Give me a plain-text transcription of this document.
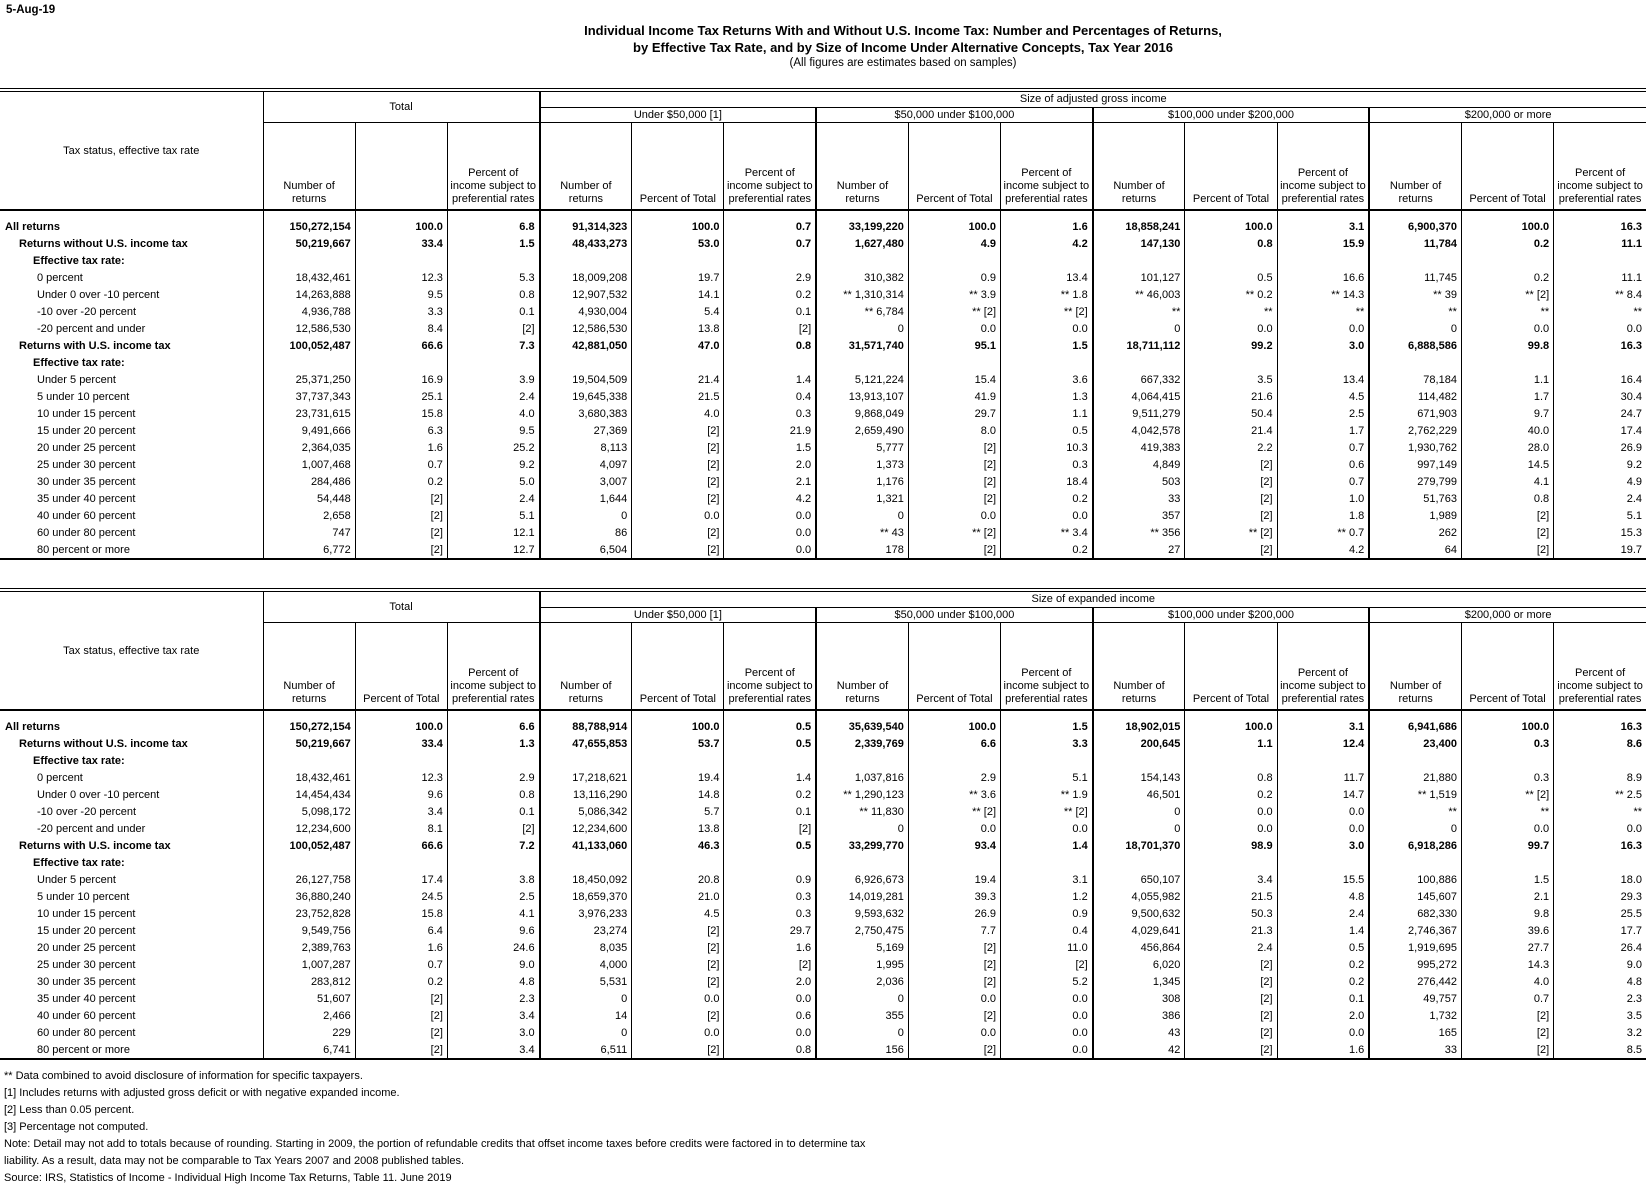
5-Aug-19
Individual Income Tax Returns With and Without U.S. Income Tax: Number and Percentages of Returns,
by Effective Tax Rate, and by Size of Income Under Alternative Concepts, Tax Year 2016
(All figures are estimates based on samples)
Tax status, effective tax rate	Total			Size of adjusted gross income											
				Under $50,000 [1]			$50,000 under $100,000			$100,000 under $200,000			$200,000 or more		
	Number of returns		Percent of income subject to preferential rates	Number of returns	Percent of Total	Percent of income subject to preferential rates	Number of returns	Percent of Total	Percent of income subject to preferential rates	Number of returns	Percent of Total	Percent of income subject to preferential rates	Number of returns	Percent of Total	Percent of income subject to preferential rates

All returns	150,272,154	100.0	6.8	91,314,323	100.0	0.7	33,199,220	100.0	1.6	18,858,241	100.0	3.1	6,900,370	100.0	16.3
Returns without U.S. income tax	50,219,667	33.4	1.5	48,433,273	53.0	0.7	1,627,480	4.9	4.2	147,130	0.8	15.9	11,784	0.2	11.1
Effective tax rate:															
0 percent	18,432,461	12.3	5.3	18,009,208	19.7	2.9	310,382	0.9	13.4	101,127	0.5	16.6	11,745	0.2	11.1
Under 0 over -10 percent	14,263,888	9.5	0.8	12,907,532	14.1	0.2	** 1,310,314	** 3.9	** 1.8	** 46,003	** 0.2	** 14.3	** 39	** [2]	** 8.4
-10 over -20 percent	4,936,788	3.3	0.1	4,930,004	5.4	0.1	** 6,784	** [2]	** [2]	**	**	**	**	**	**
-20 percent and under	12,586,530	8.4	[2]	12,586,530	13.8	[2]	0	0.0	0.0	0	0.0	0.0	0	0.0	0.0
Returns with U.S. income tax	100,052,487	66.6	7.3	42,881,050	47.0	0.8	31,571,740	95.1	1.5	18,711,112	99.2	3.0	6,888,586	99.8	16.3
Effective tax rate:															
Under 5 percent	25,371,250	16.9	3.9	19,504,509	21.4	1.4	5,121,224	15.4	3.6	667,332	3.5	13.4	78,184	1.1	16.4
5 under 10 percent	37,737,343	25.1	2.4	19,645,338	21.5	0.4	13,913,107	41.9	1.3	4,064,415	21.6	4.5	114,482	1.7	30.4
10 under 15 percent	23,731,615	15.8	4.0	3,680,383	4.0	0.3	9,868,049	29.7	1.1	9,511,279	50.4	2.5	671,903	9.7	24.7
15 under 20 percent	9,491,666	6.3	9.5	27,369	[2]	21.9	2,659,490	8.0	0.5	4,042,578	21.4	1.7	2,762,229	40.0	17.4
20 under 25 percent	2,364,035	1.6	25.2	8,113	[2]	1.5	5,777	[2]	10.3	419,383	2.2	0.7	1,930,762	28.0	26.9
25 under 30 percent	1,007,468	0.7	9.2	4,097	[2]	2.0	1,373	[2]	0.3	4,849	[2]	0.6	997,149	14.5	9.2
30 under 35 percent	284,486	0.2	5.0	3,007	[2]	2.1	1,176	[2]	18.4	503	[2]	0.7	279,799	4.1	4.9
35 under 40 percent	54,448	[2]	2.4	1,644	[2]	4.2	1,321	[2]	0.2	33	[2]	1.0	51,763	0.8	2.4
40 under 60 percent	2,658	[2]	5.1	0	0.0	0.0	0	0.0	0.0	357	[2]	1.8	1,989	[2]	5.1
60 under 80 percent	747	[2]	12.1	86	[2]	0.0	** 43	** [2]	** 3.4	** 356	** [2]	** 0.7	262	[2]	15.3
80 percent or more	6,772	[2]	12.7	6,504	[2]	0.0	178	[2]	0.2	27	[2]	4.2	64	[2]	19.7
Tax status, effective tax rate	Total			Size of expanded income											
				Under $50,000 [1]			$50,000 under $100,000			$100,000 under $200,000			$200,000 or more		
	Number of returns	Percent of Total	Percent of income subject to preferential rates	Number of returns	Percent of Total	Percent of income subject to preferential rates	Number of returns	Percent of Total	Percent of income subject to preferential rates	Number of returns	Percent of Total	Percent of income subject to preferential rates	Number of returns	Percent of Total	Percent of income subject to preferential rates

All returns	150,272,154	100.0	6.6	88,788,914	100.0	0.5	35,639,540	100.0	1.5	18,902,015	100.0	3.1	6,941,686	100.0	16.3
Returns without U.S. income tax	50,219,667	33.4	1.3	47,655,853	53.7	0.5	2,339,769	6.6	3.3	200,645	1.1	12.4	23,400	0.3	8.6
Effective tax rate:															
0 percent	18,432,461	12.3	2.9	17,218,621	19.4	1.4	1,037,816	2.9	5.1	154,143	0.8	11.7	21,880	0.3	8.9
Under 0 over -10 percent	14,454,434	9.6	0.8	13,116,290	14.8	0.2	** 1,290,123	** 3.6	** 1.9	46,501	0.2	14.7	** 1,519	** [2]	** 2.5
-10 over -20 percent	5,098,172	3.4	0.1	5,086,342	5.7	0.1	** 11,830	** [2]	** [2]	0	0.0	0.0	**	**	**
-20 percent and under	12,234,600	8.1	[2]	12,234,600	13.8	[2]	0	0.0	0.0	0	0.0	0.0	0	0.0	0.0
Returns with U.S. income tax	100,052,487	66.6	7.2	41,133,060	46.3	0.5	33,299,770	93.4	1.4	18,701,370	98.9	3.0	6,918,286	99.7	16.3
Effective tax rate:															
Under 5 percent	26,127,758	17.4	3.8	18,450,092	20.8	0.9	6,926,673	19.4	3.1	650,107	3.4	15.5	100,886	1.5	18.0
5 under 10 percent	36,880,240	24.5	2.5	18,659,370	21.0	0.3	14,019,281	39.3	1.2	4,055,982	21.5	4.8	145,607	2.1	29.3
10 under 15 percent	23,752,828	15.8	4.1	3,976,233	4.5	0.3	9,593,632	26.9	0.9	9,500,632	50.3	2.4	682,330	9.8	25.5
15 under 20 percent	9,549,756	6.4	9.6	23,274	[2]	29.7	2,750,475	7.7	0.4	4,029,641	21.3	1.4	2,746,367	39.6	17.7
20 under 25 percent	2,389,763	1.6	24.6	8,035	[2]	1.6	5,169	[2]	11.0	456,864	2.4	0.5	1,919,695	27.7	26.4
25 under 30 percent	1,007,287	0.7	9.0	4,000	[2]	[2]	1,995	[2]	[2]	6,020	[2]	0.2	995,272	14.3	9.0
30 under 35 percent	283,812	0.2	4.8	5,531	[2]	2.0	2,036	[2]	5.2	1,345	[2]	0.2	276,442	4.0	4.8
35 under 40 percent	51,607	[2]	2.3	0	0.0	0.0	0	0.0	0.0	308	[2]	0.1	49,757	0.7	2.3
40 under 60 percent	2,466	[2]	3.4	14	[2]	0.6	355	[2]	0.0	386	[2]	2.0	1,732	[2]	3.5
60 under 80 percent	229	[2]	3.0	0	0.0	0.0	0	0.0	0.0	43	[2]	0.0	165	[2]	3.2
80 percent or more	6,741	[2]	3.4	6,511	[2]	0.8	156	[2]	0.0	42	[2]	1.6	33	[2]	8.5
** Data combined to avoid disclosure of information for specific taxpayers.
[1] Includes returns with adjusted gross deficit or with negative expanded income.
[2] Less than 0.05 percent.
[3] Percentage not computed.
Note: Detail may not add to totals because of rounding. Starting in 2009, the portion of refundable credits that offset income taxes before credits were factored in to determine tax
liability. As a result, data may not be comparable to Tax Years 2007 and 2008 published tables.
Source: IRS, Statistics of Income - Individual High Income Tax Returns, Table 11. June 2019
